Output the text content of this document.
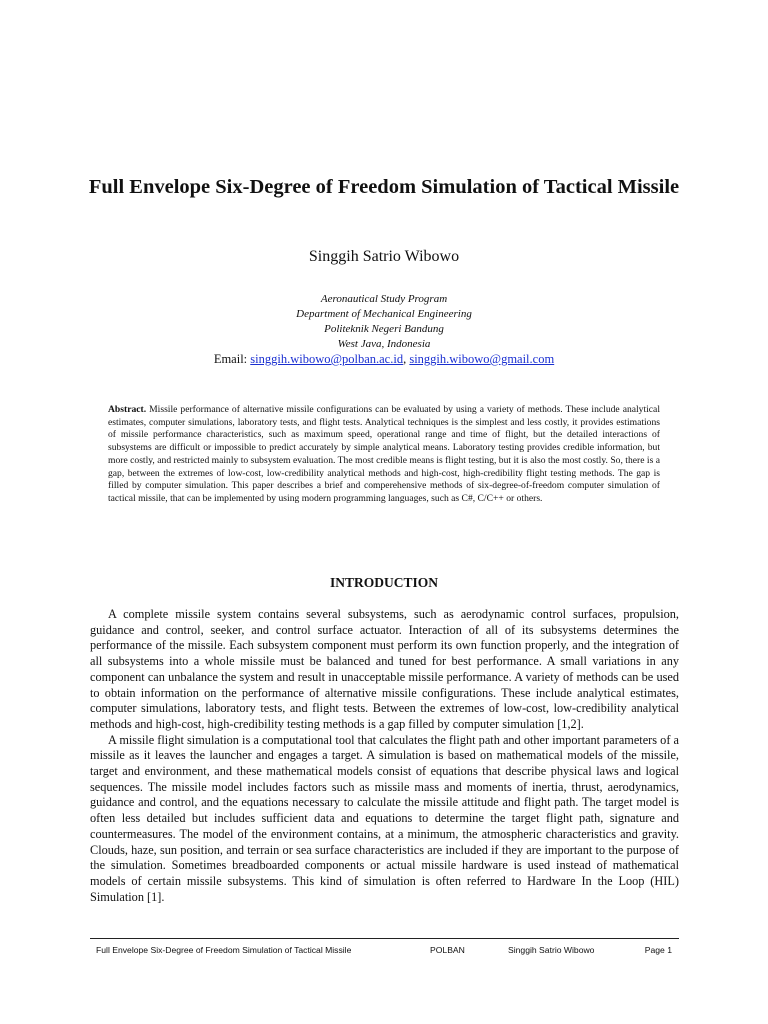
Full Envelope Six-Degree of Freedom Simulation of Tactical Missile
Singgih Satrio Wibowo
Aeronautical Study Program
Department of Mechanical Engineering
Politeknik Negeri Bandung
West Java, Indonesia
Email: singgih.wibowo@polban.ac.id, singgih.wibowo@gmail.com

Abstract. Missile performance of alternative missile configurations can be evaluated by using a variety of methods. These include analytical estimates, computer simulations, laboratory tests, and flight tests. Analytical techniques is the simplest and less costly, it provides estimations of missile performance characteristics, such as maximum speed, operational range and time of flight, but the detailed interactions of subsystems are difficult or impossible to predict accurately by simple analytical means. Laboratory testing provides credible information, but more costly, and restricted mainly to subsystem evaluation. The most credible means is flight testing, but it is also the most costly. So, there is a gap, between the extremes of low-cost, low-credibility analytical methods and high-cost, high-credibility flight testing methods. The gap is filled by computer simulation. This paper describes a brief and comperehensive methods of six-degree-of-freedom computer simulation of tactical missile, that can be implemented by using modern programming languages, such as C#, C/C++ or others.

INTRODUCTION

A complete missile system contains several subsystems, such as aerodynamic control surfaces, propulsion, guidance and control, seeker, and control surface actuator. Interaction of all of its subsystems determines the performance of the missile. Each subsystem component must perform its own function properly, and the integration of all subsystems into a whole missile must be balanced and tuned for best performance. A small variations in any component can unbalance the system and result in unacceptable missile performance. A variety of methods can be used to obtain information on the performance of alternative missile configurations. These include analytical estimates, computer simulations, laboratory tests, and flight tests. Between the extremes of low-cost, low-credibility analytical methods and high-cost, high-credibility testing methods is a gap filled by computer simulation [1,2].

A missile flight simulation is a computational tool that calculates the flight path and other important parameters of a missile as it leaves the launcher and engages a target. A simulation is based on mathematical models of the missile, target and environment, and these mathematical models consist of equations that describe physical laws and logical sequences. The missile model includes factors such as missile mass and moments of inertia, thrust, aerodynamics, guidance and control, and the equations necessary to calculate the missile attitude and flight path. The target model is often less detailed but includes sufficient data and equations to determine the target flight path, signature and countermeasures. The model of the environment contains, at a minimum, the atmospheric characteristics and gravity. Clouds, haze, sun position, and terrain or sea surface characteristics are included if they are important to the purpose of the simulation. Sometimes breadboarded components or actual missile hardware is used instead of mathematical models of certain missile subsystems. This kind of simulation is often referred to Hardware In the Loop (HIL) Simulation [1].

Full Envelope Six-Degree of Freedom Simulation of Tactical Missile	POLBAN	Singgih Satrio Wibowo	Page 1
